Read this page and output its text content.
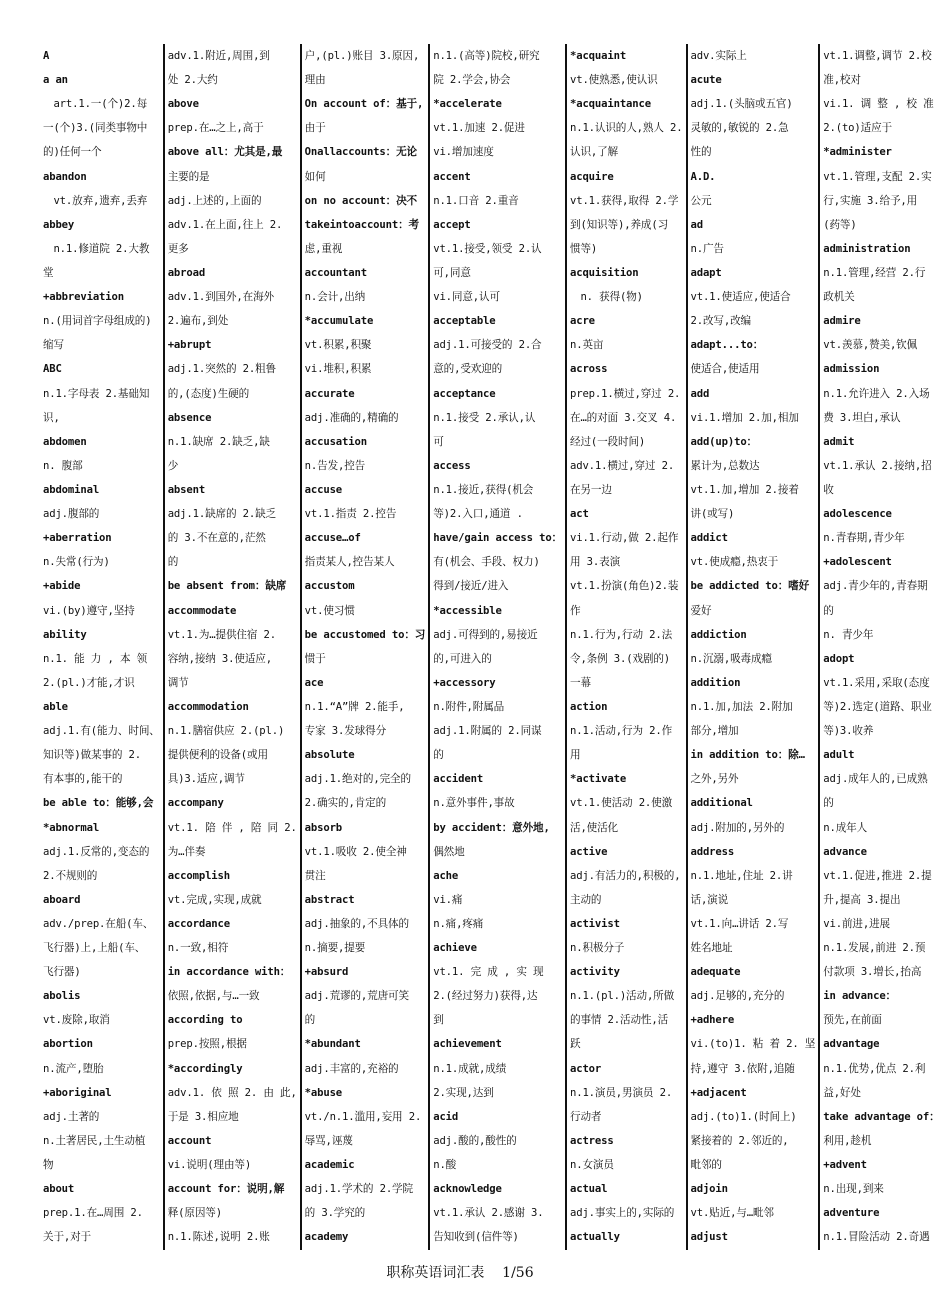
A
a an
　art.1.一(个)2.每
一(个)3.(同类事物中
的)任何一个
abandon
　vt.放弃,遗弃,丢弃
abbey
　n.1.修道院 2.大教
堂
+abbreviation
n.(用词首字母组成的)
缩写
ABC
n.1.字母表 2.基础知
识,
abdomen
n. 腹部
abdominal
adj.腹部的
+aberration
n.失常(行为)
+abide
vi.(by)遵守,坚持
ability
n.1. 能 力 , 本 领
2.(pl.)才能,才识
able
adj.1.有(能力、时间、
知识等)做某事的 2.
有本事的,能干的
be able to：能够,会
*abnormal
adj.1.反常的,变态的
2.不规则的
aboard
adv./prep.在船(车、
飞行器)上,上船(车、
飞行器)
abolis
vt.废除,取消
abortion
n.流产,堕胎
+aboriginal
adj.土著的
n.土著居民,土生动植
物
about
prep.1.在…周围 2.
关于,对于
adv.1.附近,周围,到
处 2.大约
above
prep.在…之上,高于
above all：尤其是,最
主要的是
adj.上述的,上面的
adv.1.在上面,往上 2.
更多
abroad
adv.1.到国外,在海外
2.遍布,到处
+abrupt
adj.1.突然的 2.粗鲁
的,(态度)生硬的
absence
n.1.缺席 2.缺乏,缺
少
absent
adj.1.缺席的 2.缺乏
的 3.不在意的,茫然
的
be absent from：缺席
accommodate
vt.1.为…提供住宿 2.
容纳,接纳 3.使适应,
调节
accommodation
n.1.膳宿供应 2.(pl.)
提供便利的设备(或用
具)3.适应,调节
accompany
vt.1. 陪 伴 , 陪 同 2.
为…伴奏
accomplish
vt.完成,实现,成就
accordance
n.一致,相符
in accordance with：
依照,依据,与…一致
according to
prep.按照,根据
*accordingly
adv.1. 依 照 2. 由 此,
于是 3.相应地
account
vi.说明(理由等)
account for：说明,解
释(原因等)
n.1.陈述,说明 2.账
户,(pl.)账目 3.原因,
理由
On account of：基于,
由于
Onallaccounts：无论
如何
on no account：决不
takeintoaccount：考
虑,重视
accountant
n.会计,出纳
*accumulate
vt.积累,积聚
vi.堆积,积累
accurate
adj.准确的,精确的
accusation
n.告发,控告
accuse
vt.1.指责 2.控告
accuse…of
指责某人,控告某人
accustom
vt.使习惯
be accustomed to：习
惯于
ace
n.1.“A”牌 2.能手,
专家 3.发球得分
absolute
adj.1.绝对的,完全的
2.确实的,肯定的
absorb
vt.1.吸收 2.使全神
贯注
abstract
adj.抽象的,不具体的
n.摘要,提要
+absurd
adj.荒谬的,荒唐可笑
的
*abundant
adj.丰富的,充裕的
*abuse
vt./n.1.滥用,妄用 2.
辱骂,诬蔑
academic
adj.1.学术的 2.学院
的 3.学究的
academy
n.1.(高等)院校,研究
院 2.学会,协会
*accelerate
vt.1.加速 2.促进
vi.增加速度
accent
n.1.口音 2.重音
accept
vt.1.接受,领受 2.认
可,同意
vi.同意,认可
acceptable
adj.1.可接受的 2.合
意的,受欢迎的
acceptance
n.1.接受 2.承认,认
可
access
n.1.接近,获得(机会
等)2.入口,通道 .
have/gain access to：
有(机会、手段、权力)
得到/接近/进入
*accessible
adj.可得到的,易接近
的,可进入的
+accessory
n.附件,附属品
adj.1.附属的 2.同谋
的
accident
n.意外事件,事故
by accident：意外地,
偶然地
ache
vi.痛
n.痛,疼痛
achieve
vt.1. 完 成 , 实 现
2.(经过努力)获得,达
到
achievement
n.1.成就,成绩
2.实现,达到
acid
adj.酸的,酸性的
n.酸
acknowledge
vt.1.承认 2.感谢 3.
告知收到(信件等)
*acquaint
vt.使熟悉,使认识
*acquaintance
n.1.认识的人,熟人 2.
认识,了解
acquire
vt.1.获得,取得 2.学
到(知识等),养成(习
惯等)
acquisition
　n. 获得(物)
acre
n.英亩
across
prep.1.横过,穿过 2.
在…的对面 3.交叉 4.
经过(一段时间)
adv.1.横过,穿过 2.
在另一边
act
vi.1.行动,做 2.起作
用 3.表演
vt.1.扮演(角色)2.装
作
n.1.行为,行动 2.法
令,条例 3.(戏剧的)
一幕
action
n.1.活动,行为 2.作
用
*activate
vt.1.使活动 2.使激
活,使活化
active
adj.有活力的,积极的,
主动的
activist
n.积极分子
activity
n.1.(pl.)活动,所做
的事情 2.活动性,活
跃
actor
n.1.演员,男演员 2.
行动者
actress
n.女演员
actual
adj.事实上的,实际的
actually
adv.实际上
acute
adj.1.(头脑或五官)
灵敏的,敏锐的 2.急
性的
A.D.
公元
ad
n.广告
adapt
vt.1.使适应,使适合
2.改写,改编
adapt...to：
使适合,使适用
add
vi.1.增加 2.加,相加
add(up)to：
累计为,总数达
vt.1.加,增加 2.接着
讲(或写)
addict
vt.使成瘾,热衷于
be addicted to：嗜好
爱好
addiction
n.沉溺,吸毒成瘾
addition
n.1.加,加法 2.附加
部分,增加
in addition to：除…
之外,另外
additional
adj.附加的,另外的
address
n.1.地址,住址 2.讲
话,演说
vt.1.向…讲话 2.写
姓名地址
adequate
adj.足够的,充分的
+adhere
vi.(to)1. 粘 着 2. 坚
持,遵守 3.依附,追随
+adjacent
adj.(to)1.(时间上)
紧接着的 2.邻近的,
毗邻的
adjoin
vt.贴近,与…毗邻
adjust
vt.1.调整,调节 2.校
准,校对
vi.1. 调 整 , 校 准
2.(to)适应于
*administer
vt.1.管理,支配 2.实
行,实施 3.给予,用
(药等)
administration
n.1.管理,经营 2.行
政机关
admire
vt.羡慕,赞美,钦佩
admission
n.1.允许进入 2.入场
费 3.坦白,承认
admit
vt.1.承认 2.接纳,招
收
adolescence
n.青春期,青少年
+adolescent
adj.青少年的,青春期
的
n. 青少年
adopt
vt.1.采用,采取(态度
等)2.选定(道路、职业
等)3.收养
adult
adj.成年人的,已成熟
的
n.成年人
advance
vt.1.促进,推进 2.提
升,提高 3.提出
vi.前进,进展
n.1.发展,前进 2.预
付款项 3.增长,抬高
in advance：
预先,在前面
advantage
n.1.优势,优点 2.利
益,好处
take advantage of：
利用,趁机
+advent
n.出现,到来
adventure
n.1.冒险活动 2.奇遇
职称英语词汇表 1/56
